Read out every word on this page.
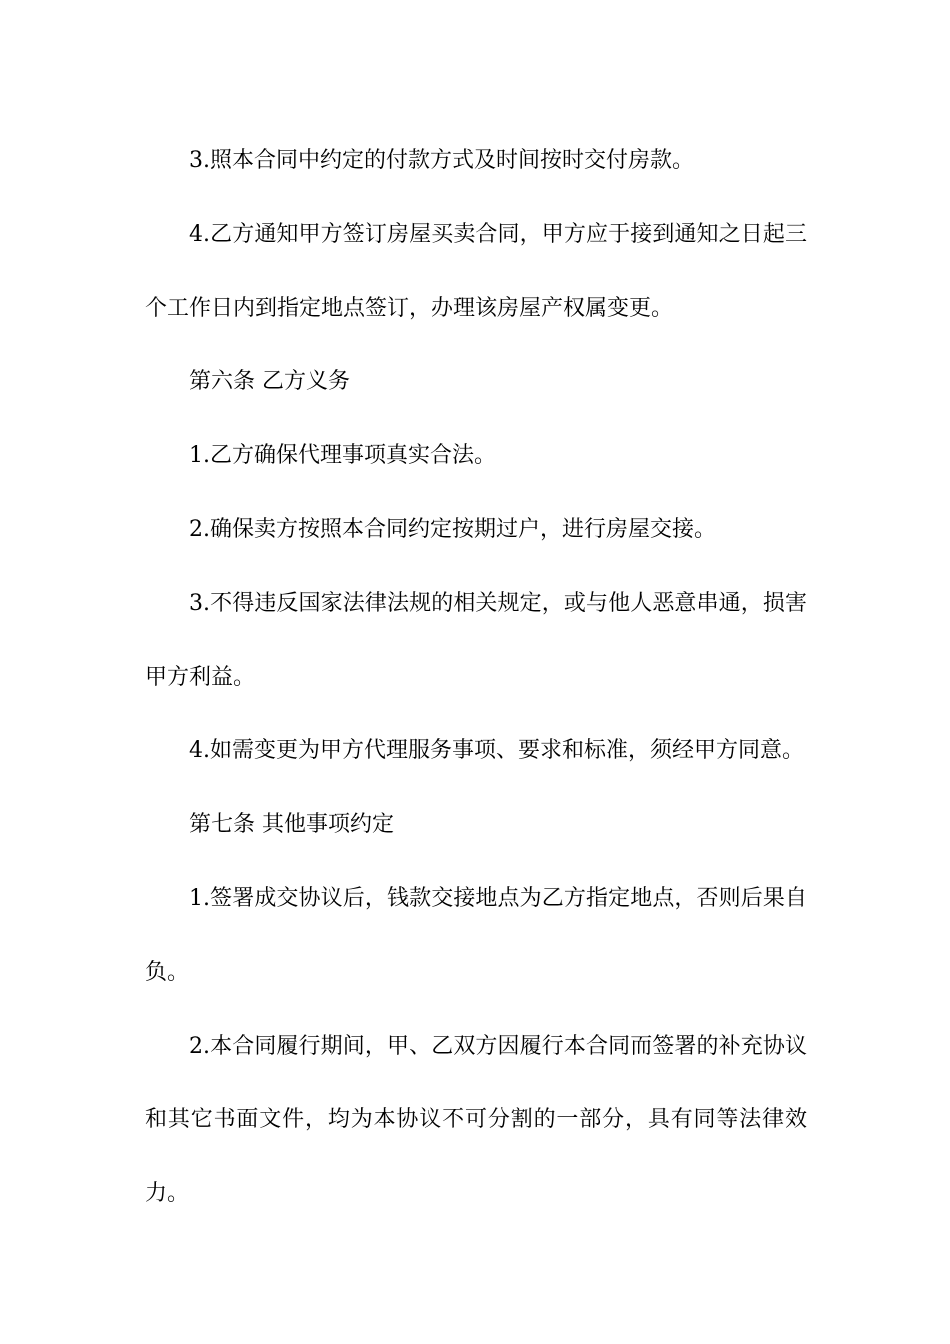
3.照本合同中约定的付款方式及时间按时交付房款。

4.乙方通知甲方签订房屋买卖合同，甲方应于接到通知之日起三个工作日内到指定地点签订，办理该房屋产权属变更。

第六条 乙方义务

1.乙方确保代理事项真实合法。

2.确保卖方按照本合同约定按期过户，进行房屋交接。

3.不得违反国家法律法规的相关规定，或与他人恶意串通，损害甲方利益。

4.如需变更为甲方代理服务事项、要求和标准，须经甲方同意。

第七条 其他事项约定

1.签署成交协议后，钱款交接地点为乙方指定地点，否则后果自负。

2.本合同履行期间，甲、乙双方因履行本合同而签署的补充协议和其它书面文件，均为本协议不可分割的一部分，具有同等法律效力。
